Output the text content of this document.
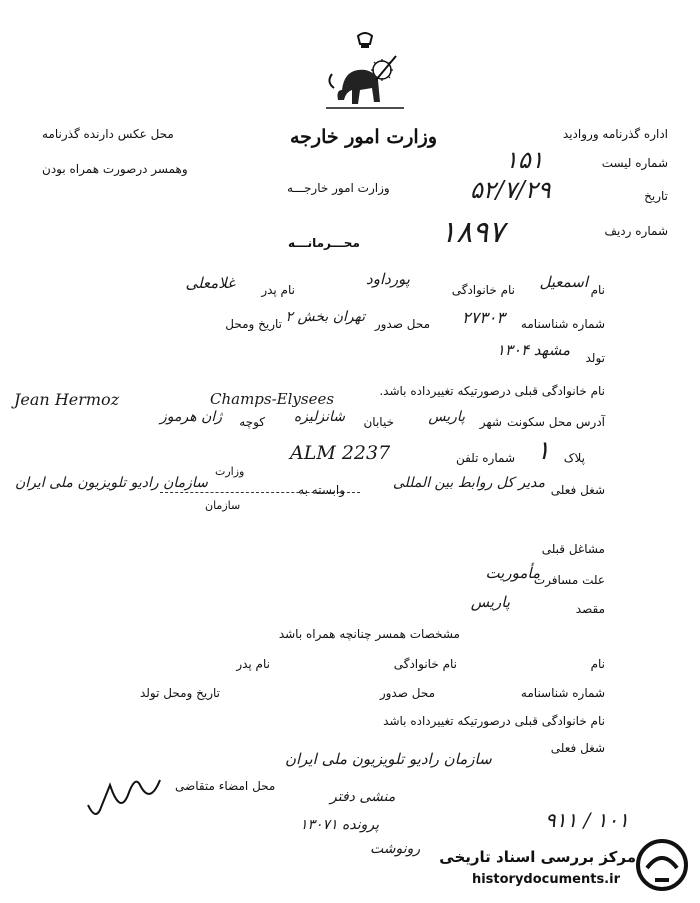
وزارت امور خارجه
وزارت امور خارجـــه
محـــرمانـــه
محل عکس دارنده گذرنامه
وهمسر درصورت همراه بودن
اداره گذرنامه وروادید
شماره لیست
۱۵۱
تاریخ
۵۲/۷/۲۹
شماره ردیف
۱۸۹۷
نام
اسمعیل
نام خانوادگی
پورداود
نام پدر
غلامعلی
شماره شناسنامه
۲۷۳۰۳
محل صدور
تهران بخش ۲
تاریخ ومحل
تولد
مشهد ۱۳۰۴
نام خانوادگی قبلی درصورتیکه تغییرداده باشد.
Jean Hermoz	Champs-Elysees
آدرس محل سکونت
شهر
پاریس
خیابان
شانزلیزه
کوچه
ژان هرموز
پلاک
۱
شماره تلفن
ALM 2237
شغل فعلی
مدیر کل روابط بین المللی
وابسته به
وزارت
سازمان
سازمان رادیو تلویزیون ملی ایران
مشاغل قبلی
علت مسافرت
مأموریت
مقصد
پاریس
مشخصات همسر چنانچه همراه باشد
نام
نام خانوادگی
نام پدر
شماره شناسنامه
محل صدور
تاریخ ومحل تولد
نام خانوادگی قبلی درصورتیکه تغییرداده باشد
شغل فعلی
محل امضاء متقاضی
سازمان رادیو تلویزیون ملی ایران
منشی دفتر
پرونده ۱۳۰۷۱
رونوشت
۹۱۱ / ۱۰۱
مرکز بررسی اسناد تاریخی
historydocuments.ir
